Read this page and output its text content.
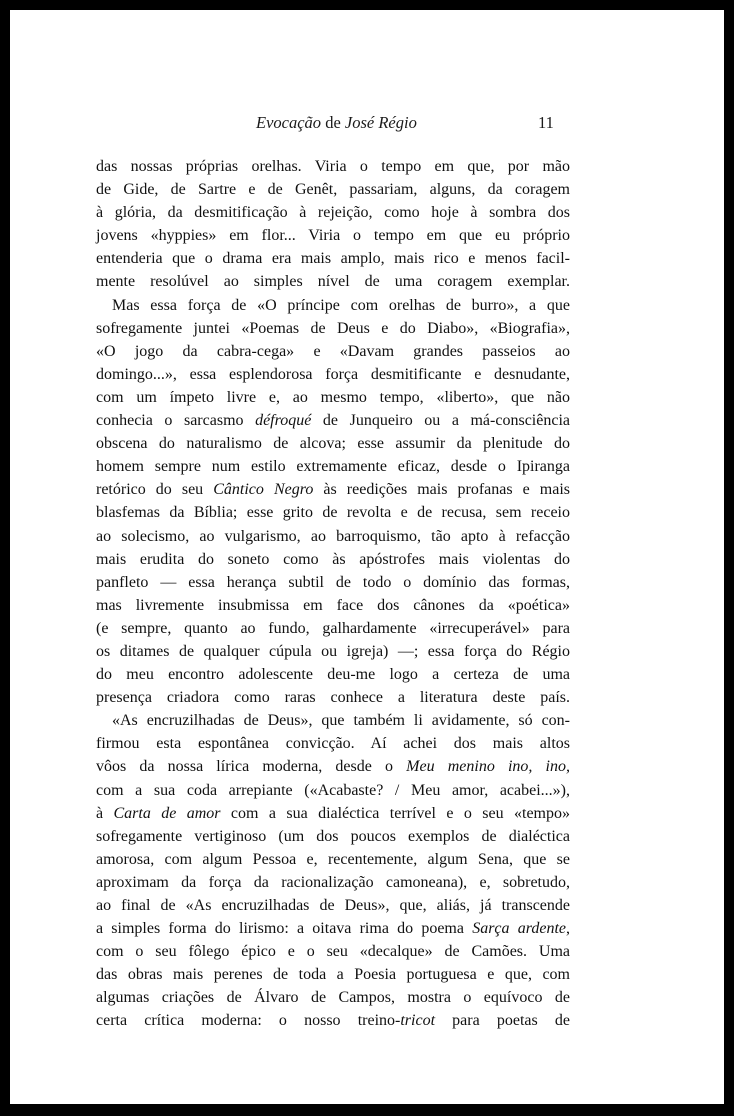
Evocação de José Régio	11
das nossas próprias orelhas. Viria o tempo em que, por mão
de Gide, de Sartre e de Genêt, passariam, alguns, da coragem
à glória, da desmitificação à rejeição, como hoje à sombra dos
jovens «hyppies» em flor... Viria o tempo em que eu próprio
entenderia que o drama era mais amplo, mais rico e menos facil-
mente resolúvel ao simples nível de uma coragem exemplar.
Mas essa força de «O príncipe com orelhas de burro», a que
sofregamente juntei «Poemas de Deus e do Diabo», «Biografia»,
«O jogo da cabra-cega» e «Davam grandes passeios ao
domingo...», essa esplendorosa força desmitificante e desnudante,
com um ímpeto livre e, ao mesmo tempo, «liberto», que não
conhecia o sarcasmo défroqué de Junqueiro ou a má-consciência
obscena do naturalismo de alcova; esse assumir da plenitude do
homem sempre num estilo extremamente eficaz, desde o Ipiranga
retórico do seu Cântico Negro às reedições mais profanas e mais
blasfemas da Bíblia; esse grito de revolta e de recusa, sem receio
ao solecismo, ao vulgarismo, ao barroquismo, tão apto à refacção
mais erudita do soneto como às apóstrofes mais violentas do
panfleto — essa herança subtil de todo o domínio das formas,
mas livremente insubmissa em face dos cânones da «poética»
(e sempre, quanto ao fundo, galhardamente «irrecuperável» para
os ditames de qualquer cúpula ou igreja) —; essa força do Régio
do meu encontro adolescente deu-me logo a certeza de uma
presença criadora como raras conhece a literatura deste país.
«As encruzilhadas de Deus», que também li avidamente, só con-
firmou esta espontânea convicção. Aí achei dos mais altos
vôos da nossa lírica moderna, desde o Meu menino ino, ino,
com a sua coda arrepiante («Acabaste? / Meu amor, acabei...»),
à Carta de amor com a sua dialéctica terrível e o seu «tempo»
sofregamente vertiginoso (um dos poucos exemplos de dialéctica
amorosa, com algum Pessoa e, recentemente, algum Sena, que se
aproximam da força da racionalização camoneana), e, sobretudo,
ao final de «As encruzilhadas de Deus», que, aliás, já transcende
a simples forma do lirismo: a oitava rima do poema Sarça ardente,
com o seu fôlego épico e o seu «decalque» de Camões. Uma
das obras mais perenes de toda a Poesia portuguesa e que, com
algumas criações de Álvaro de Campos, mostra o equívoco de
certa crítica moderna: o nosso treino-tricot para poetas de
